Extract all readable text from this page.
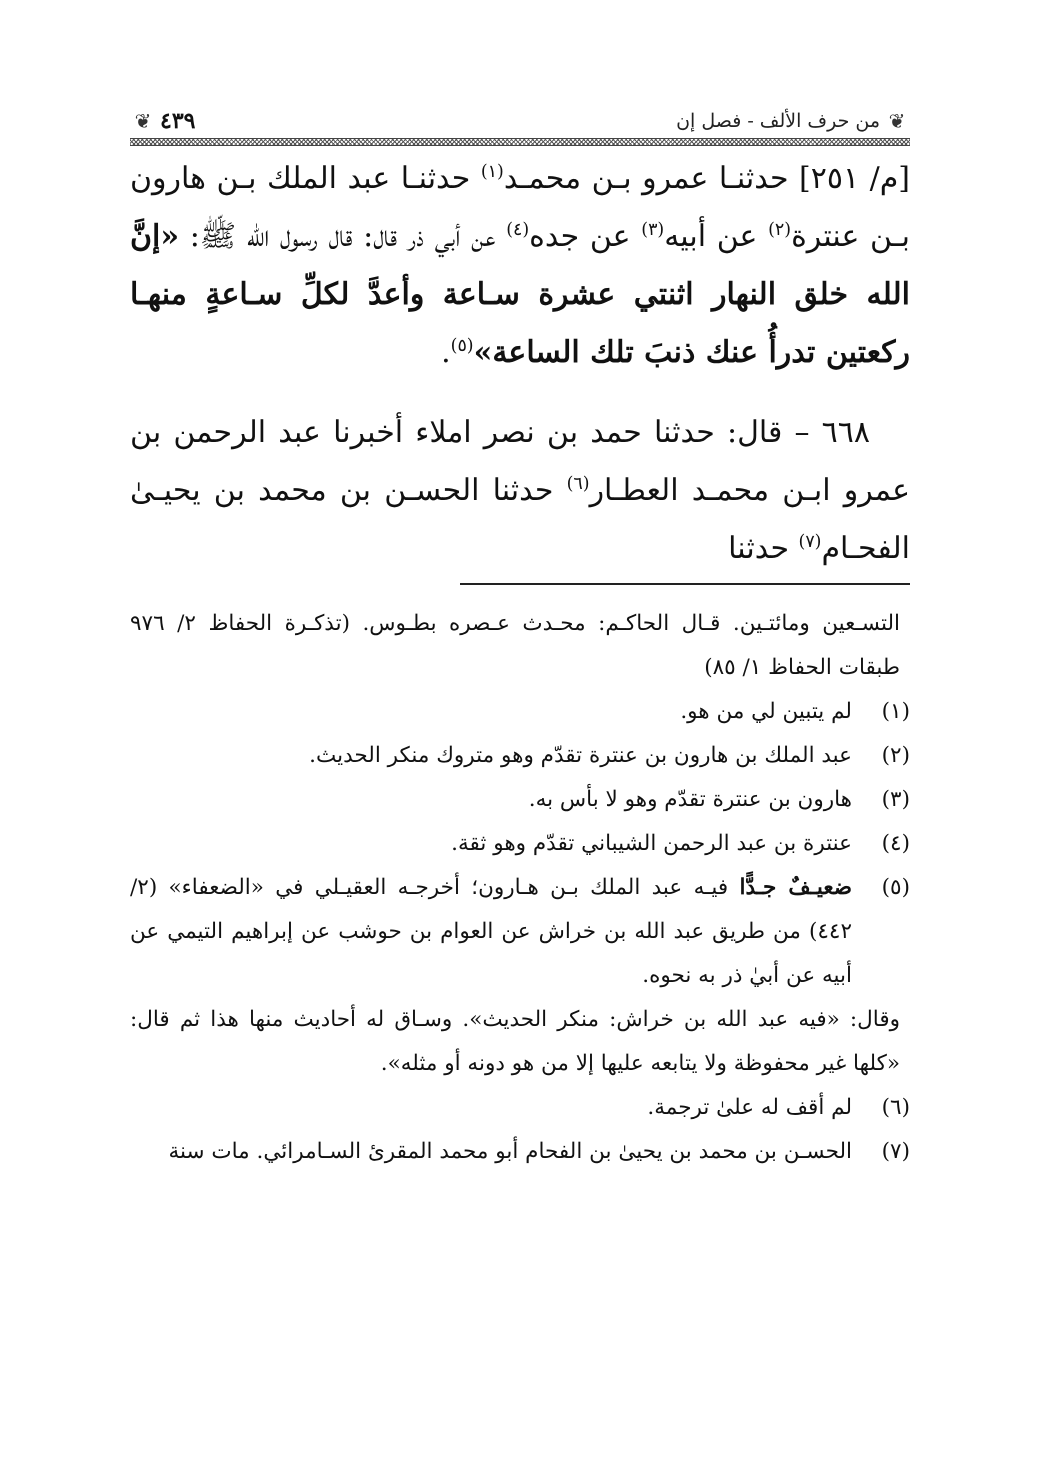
❦
من حرف الألف - فصل إن
٤٣٩
❦

[م/ ٢٥١] حدثنـا عمرو بـن محمـد$^{(١)}$ حدثنـا عبد الملك بـن هارون بـن عنترة$^{(٢)}$ عن أبيه$^{(٣)}$ عن جده$^{(٤)}$ عن أبي ذر قال: قال رسول الله ﷺ: «إنَّ الله خلق النهار اثنتي عشرة سـاعة وأعدَّ لكلِّ سـاعةٍ منهـا ركعتين تدرأُ عنك ذنبَ تلك الساعة»$^{(٥)}$.

٦٦٨ – قال: حدثنا حمد بن نصر املاء أخبرنا عبد الرحمن بن عمرو ابـن محمـد العطـار$^{(٦)}$ حدثنا الحسـن بن محمد بن يحيـىٰ الفحـام$^{(٧)}$ حدثنا

التسـعين ومائتـين. قـال الحاكـم: محـدث عـصره بطـوس. (تذكـرة الحفاظ ٢/ ٩٧٦ طبقات الحفاظ ١/ ٨٥)
(١)
لم يتبين لي من هو.
(٢)
عبد الملك بن هارون بن عنترة تقدّم وهو متروك منكر الحديث.
(٣)
هارون بن عنترة تقدّم وهو لا بأس به.
(٤)
عنترة بن عبد الرحمن الشيباني تقدّم وهو ثقة.
(٥)
ضعيـفٌ جـدًّا فيـه عبد الملك بـن هـارون؛ أخرجـه العقيـلي في «الضعفاء» (٢/ ٤٤٢) من طريق عبد الله بن خراش عن العوام بن حوشب عن إبراهيم التيمي عن أبيه عن أبيٰ ذر به نحوه.
وقال: «فيه عبد الله بن خراش: منكر الحديث». وسـاق له أحاديث منها هذا ثم قال: «كلها غير محفوظة ولا يتابعه عليها إلا من هو دونه أو مثله».
(٦)
لم أقف له علىٰ ترجمة.
(٧)
الحسـن بن محمد بن يحيىٰ بن الفحام أبو محمد المقرئ السـامرائي. مات سنة
